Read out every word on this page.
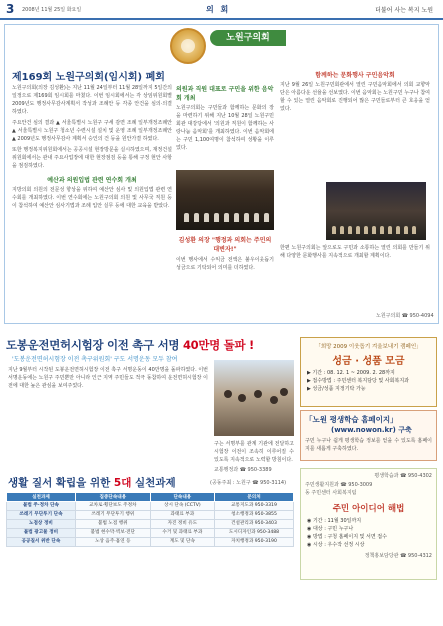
3 2008년 11월 25일 화요일	의 회	더불어 사는 복지 노원
노원구의회
제169회 노원구의회(임시회) 폐회

노원구의회(의장 김성환)는 지난 11월 24일부터 11월 28일까지 5일간의 일정으로 제169회 임시회를 마쳤다. 이번 임시회에서는 각 상임위원회별 2009년도 행정사무감사계획서 작성과 조례안 등 각종 안건을 심의·의결하였다.

주요안건 심의 결과 ▲ 서울특별시 노원구 구세 감면 조례 일부개정조례안 ▲ 서울특별시 노원구 청소년 수련시설 설치 및 운영 조례 일부개정조례안 ▲ 2009년도 행정사무감사 계획서 승인의 건 등을 원안가결 하였다.

또한 행정복지위원회에서는 공공시설 현장방문을 실시하였으며, 재정건설위원회에서는 관내 주요사업장에 대한 현장점검 등을 통해 구정 현안 사항을 점검하였다.

예산과 의원입법 관련 연수회 개최

지방의회 의원의 전문성 향상을 위하여 예산안 심사 및 의원입법 관련 연수회를 개최하였다. 이번 연수회에는 노원구의회 의원 및 사무국 직원 등이 참석하여 예산안 심사기법과 조례 입안 실무 등에 대한 교육을 받았다.

의원과 직원 대표로 구민을 위한 음악회 개최

노원구의회는 구민들과 함께하는 문화의 장을 마련하기 위해 지난 10월 28일 노원구민회관 대강당에서 '의원과 직원이 함께하는 사랑나눔 음악회'를 개최하였다. 이번 음악회에는 구민 1,100여명이 참석하여 성황을 이루었다.

김성환 의장 "행정과 의회는 주민의 대변자!"

이번 행사에서 수익금 전액은 불우이웃돕기 성금으로 기탁되어 의미를 더하였다.

함께하는 문화행사 구민음악회

지난 9월 26일 노원구민회관에서 열린 구민음악회에서 의회 교향악단은 아름다운 선율을 선보였다. 이번 음악회는 노원구민 누구나 참여할 수 있는 열린 음악회로 진행되어 많은 구민들로부터 큰 호응을 얻었다.

한편 노원구의회는 앞으로도 구민과 소통하는 열린 의회를 만들기 위해 다양한 문화행사를 지속적으로 개최할 계획이다.

노원구의회 ☎ 950-4094
도봉운전면허시험장 이전 촉구 서명 40만명 돌파 !
'도봉운전면허시험장 이전 촉구위원회' 구도 서명운동 모두 참여

지난 9월부터 시작된 도봉운전면허시험장 이전 촉구 서명운동이 40만명을 돌파하였다. 이번 서명운동에는 노원구 주민뿐만 아니라 인근 지역 주민들도 적극 동참하여 운전면허시험장 이전에 대한 높은 관심을 보여주었다.

구는 서명부를 관계 기관에 전달하고 시험장 이전이 조속히 이루어질 수 있도록 지속적으로 노력할 방침이다.

교통행정과 ☎ 950-3389

「희망 2009 이웃돕기 겨울보내기 캠페인」

성금 · 성품 모금

▶ 기간 : 08. 12. 1 ~ 2009. 2. 28까지

▶ 접수방법 : 주민센터 복지담당 및 사회복지과

▶ 성금/성품 지정기탁 가능

「노원 평생학습 홈페이지」

(www.nowon.kr) 구축

구민 누구나 쉽게 평생학습 정보를 얻을 수 있도록 홈페이지를 새롭게 구축하였다.

평생학습과 ☎ 950-4302

주민생활지원과 ☎ 950-3009

동 주민센터 사회복지팀

주민 아이디어 해법

◉ 기간 : 11월 30일까지

◉ 대상 : 구민 누구나

◉ 방법 : 구청 홈페이지 및 서면 접수

◉ 시상 : 우수작 선정 시상

정책홍보담당관 ☎ 950-4312

생활 질서 확립을 위한 5대 실천과제	(공동주최 : 노원구 ☎ 950-3114)
실천과제	집중단속내용	단속내용	문의처
불법 주·정차 단속	교차로·횡단보도 주정차	상시 단속 (CCTV)	교통지도과 950-3319
쓰레기 무단투기 단속	쓰레기 무단투기 행위	과태료 부과	청소행정과 950-3855
노점상 정비	불법 노점 행위	자진 정비 유도	건설관리과 950-3403
불법 광고물 정비	불법 현수막·벽보·전단	수거 및 과태료 부과	도시디자인과 950-3488
공공질서 위반 단속	노상 음주·흡연 등	계도 및 단속	자치행정과 950-3190
